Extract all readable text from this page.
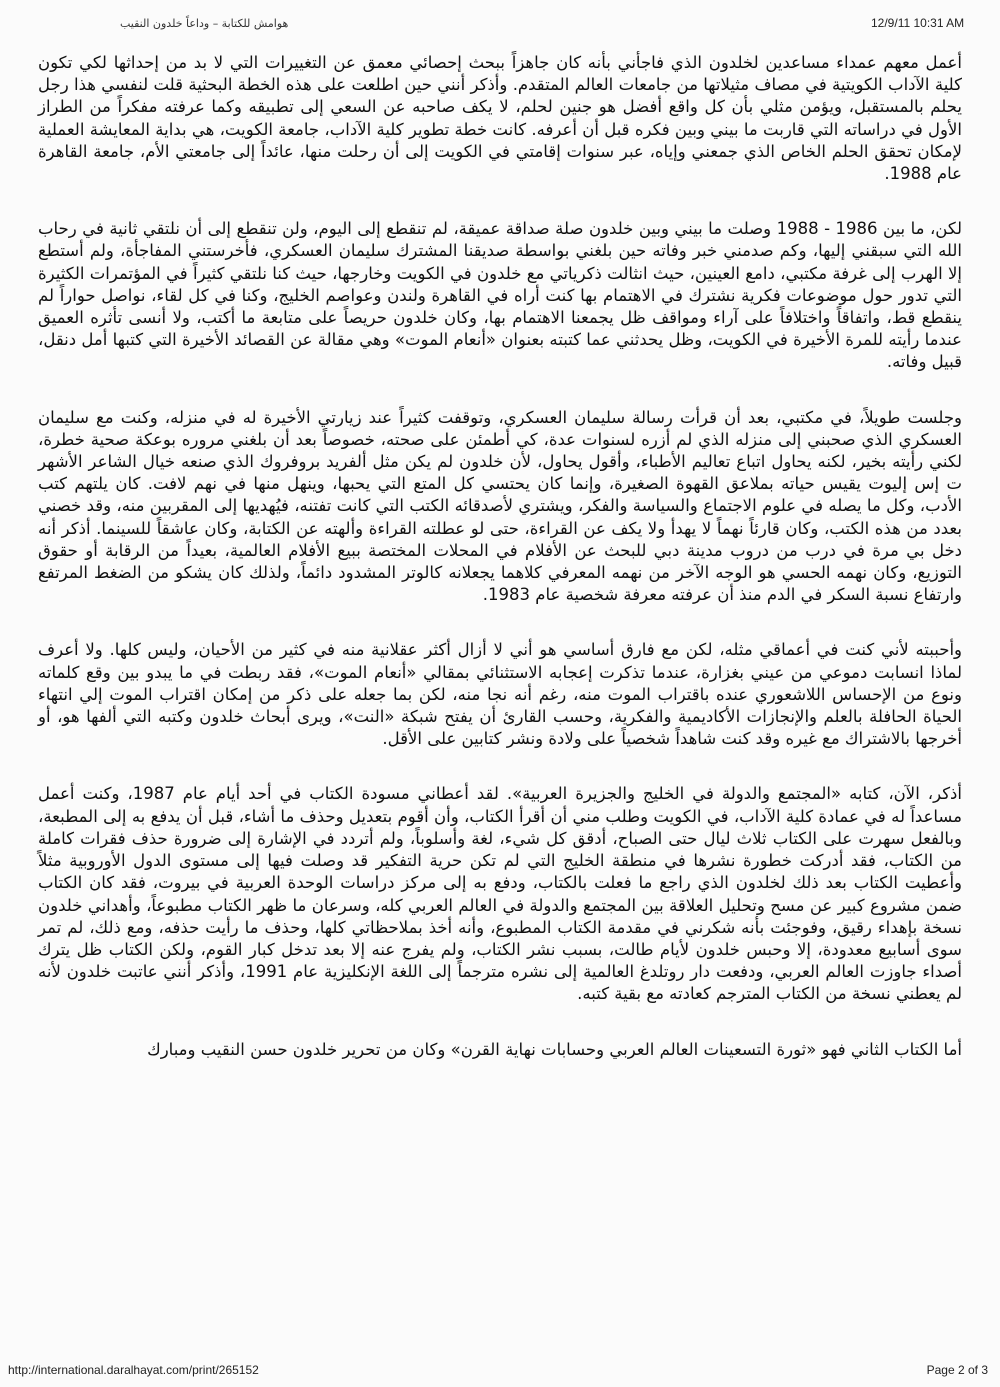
12/9/11 10:31 AM
هوامش للكتابة – وداعاً خلدون النقيب

أعمل معهم عمداء مساعدين لخلدون الذي فاجأني بأنه كان جاهزاً ببحث إحصائي معمق عن التغييرات التي لا بد من إحداثها لكي تكون كلية الآداب الكويتية في مصاف مثيلاتها من جامعات العالم المتقدم. وأذكر أنني حين اطلعت على هذه الخطة البحثية قلت لنفسي هذا رجل يحلم بالمستقبل، ويؤمن مثلي بأن كل واقع أفضل هو جنين لحلم، لا يكف صاحبه عن السعي إلى تطبيقه وكما عرفته مفكراً من الطراز الأول في دراساته التي قاربت ما بيني وبين فكره قبل أن أعرفه. كانت خطة تطوير كلية الآداب، جامعة الكويت، هي بداية المعايشة العملية لإمكان تحقق الحلم الخاص الذي جمعني وإياه، عبر سنوات إقامتي في الكويت إلى أن رحلت منها، عائداً إلى جامعتي الأم، جامعة القاهرة عام 1988.

لكن، ما بين 1986 - 1988 وصلت ما بيني وبين خلدون صلة صداقة عميقة، لم تنقطع إلى اليوم، ولن تنقطع إلى أن نلتقي ثانية في رحاب الله التي سبقني إليها، وكم صدمني خبر وفاته حين بلغني بواسطة صديقنا المشترك سليمان العسكري، فأخرستني المفاجأة، ولم أستطع إلا الهرب إلى غرفة مكتبي، دامع العينين، حيث انثالت ذكرياتي مع خلدون في الكويت وخارجها، حيث كنا نلتقي كثيراً في المؤتمرات الكثيرة التي تدور حول موضوعات فكرية نشترك في الاهتمام بها كنت أراه في القاهرة ولندن وعواصم الخليج، وكنا في كل لقاء، نواصل حواراً لم ينقطع قط، واتفاقاً واختلافاً على آراء ومواقف ظل يجمعنا الاهتمام بها، وكان خلدون حريصاً على متابعة ما أكتب، ولا أنسى تأثره العميق عندما رأيته للمرة الأخيرة في الكويت، وظل يحدثني عما كتبته بعنوان «أنعام الموت» وهي مقالة عن القصائد الأخيرة التي كتبها أمل دنقل، قبيل وفاته.

وجلست طويلاً، في مكتبي، بعد أن قرأت رسالة سليمان العسكري، وتوقفت كثيراً عند زيارتي الأخيرة له في منزله، وكنت مع سليمان العسكري الذي صحبني إلى منزله الذي لم أزره لسنوات عدة، كي أطمئن على صحته، خصوصاً بعد أن بلغني مروره بوعكة صحية خطرة، لكني رأيته بخير، لكنه يحاول اتباع تعاليم الأطباء، وأقول يحاول، لأن خلدون لم يكن مثل ألفريد بروفروك الذي صنعه خيال الشاعر الأشهر ت إس إليوت يقيس حياته بملاعق القهوة الصغيرة، وإنما كان يحتسي كل المتع التي يحبها، وينهل منها في نهم لافت. كان يلتهم كتب الأدب، وكل ما يصله في علوم الاجتماع والسياسة والفكر، ويشتري لأصدقائه الكتب التي كانت تفتنه، فيُهديها إلى المقربين منه، وقد خصني بعدد من هذه الكتب، وكان قارئاً نهماً لا يهدأ ولا يكف عن القراءة، حتى لو عطلته القراءة وألهته عن الكتابة، وكان عاشقاً للسينما. أذكر أنه دخل بي مرة في درب من دروب مدينة دبي للبحث عن الأفلام في المحلات المختصة ببيع الأفلام العالمية، بعيداً من الرقابة أو حقوق التوزيع، وكان نهمه الحسي هو الوجه الآخر من نهمه المعرفي كلاهما يجعلانه كالوتر المشدود دائماً، ولذلك كان يشكو من الضغط المرتفع وارتفاع نسبة السكر في الدم منذ أن عرفته معرفة شخصية عام 1983.

وأحببته لأني كنت في أعماقي مثله، لكن مع فارق أساسي هو أني لا أزال أكثر عقلانية منه في كثير من الأحيان، وليس كلها. ولا أعرف لماذا انسابت دموعي من عيني بغزارة، عندما تذكرت إعجابه الاستثنائي بمقالي «أنعام الموت»، فقد ربطت في ما يبدو بين وقع كلماته ونوع من الإحساس اللاشعوري عنده باقتراب الموت منه، رغم أنه نجا منه، لكن بما جعله على ذكر من إمكان اقتراب الموت إلي انتهاء الحياة الحافلة بالعلم والإنجازات الأكاديمية والفكرية، وحسب القارئ أن يفتح شبكة «النت»، ويرى أبحاث خلدون وكتبه التي ألفها هو، أو أخرجها بالاشتراك مع غيره وقد كنت شاهداً شخصياً على ولادة ونشر كتابين على الأقل.

أذكر، الآن، كتابه «المجتمع والدولة في الخليج والجزيرة العربية». لقد أعطاني مسودة الكتاب في أحد أيام عام 1987، وكنت أعمل مساعداً له في عمادة كلية الآداب، في الكويت وطلب مني أن أقرأ الكتاب، وأن أقوم بتعديل وحذف ما أشاء، قبل أن يدفع به إلى المطبعة، وبالفعل سهرت على الكتاب ثلاث ليال حتى الصباح، أدقق كل شيء، لغة وأسلوباً، ولم أتردد في الإشارة إلى ضرورة حذف فقرات كاملة من الكتاب، فقد أدركت خطورة نشرها في منطقة الخليج التي لم تكن حرية التفكير قد وصلت فيها إلى مستوى الدول الأوروبية مثلاً وأعطيت الكتاب بعد ذلك لخلدون الذي راجع ما فعلت بالكتاب، ودفع به إلى مركز دراسات الوحدة العربية في بيروت، فقد كان الكتاب ضمن مشروع كبير عن مسح وتحليل العلاقة بين المجتمع والدولة في العالم العربي كله، وسرعان ما ظهر الكتاب مطبوعاً، وأهداني خلدون نسخة بإهداء رقيق، وفوجئت بأنه شكرني في مقدمة الكتاب المطبوع، وأنه أخذ بملاحظاتي كلها، وحذف ما رأيت حذفه، ومع ذلك، لم تمر سوى أسابيع معدودة، إلا وحبس خلدون لأيام طالت، بسبب نشر الكتاب، ولم يفرج عنه إلا بعد تدخل كبار القوم، ولكن الكتاب ظل يترك أصداء جاوزت العالم العربي، ودفعت دار روتلدغ العالمية إلى نشره مترجماً إلى اللغة الإنكليزية عام 1991، وأذكر أنني عاتبت خلدون لأنه لم يعطني نسخة من الكتاب المترجم كعادته مع بقية كتبه.

أما الكتاب الثاني فهو «ثورة التسعينات العالم العربي وحسابات نهاية القرن» وكان من تحرير خلدون حسن النقيب ومبارك

http://international.daralhayat.com/print/265152	Page 2 of 3
